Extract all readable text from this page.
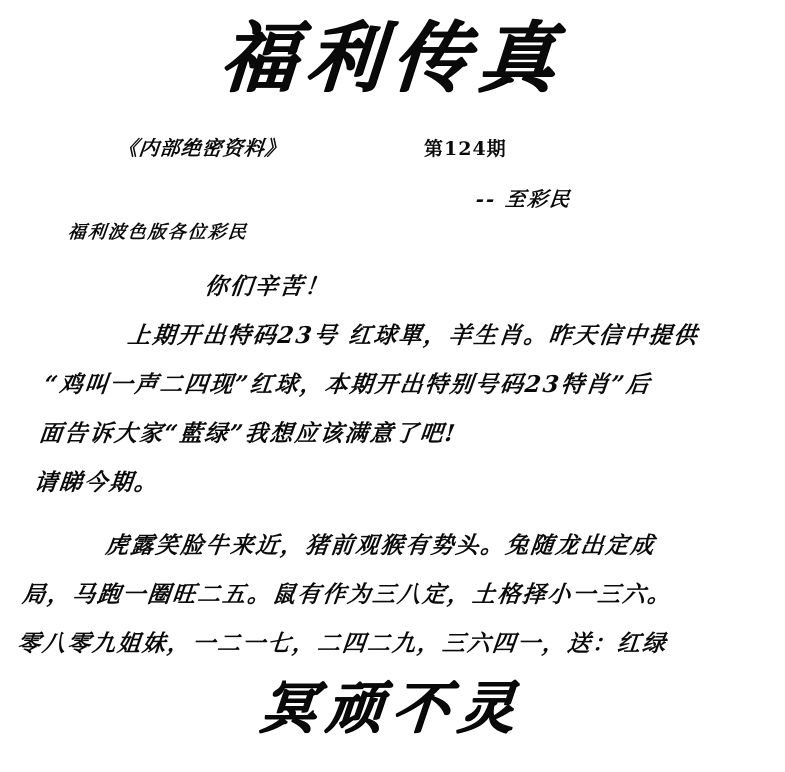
福利传真
《内部绝密资料》	第124期
-- 至彩民
福利波色版各位彩民

你们辛苦！

上期开出特码23号 红球單，羊生肖。昨天信中提供

“鸡叫一声二四现”红球，本期开出特别号码23特肖”后

面告诉大家“藍绿”我想应该满意了吧!

请睇今期。

虎露笑脸牛来近，猪前观猴有势头。兔随龙出定成

局，马跑一圈旺二五。鼠有作为三八定，土格择小一三六。

零八零九姐妹，一二一七，二四二九，三六四一，送：红绿

冥顽不灵
